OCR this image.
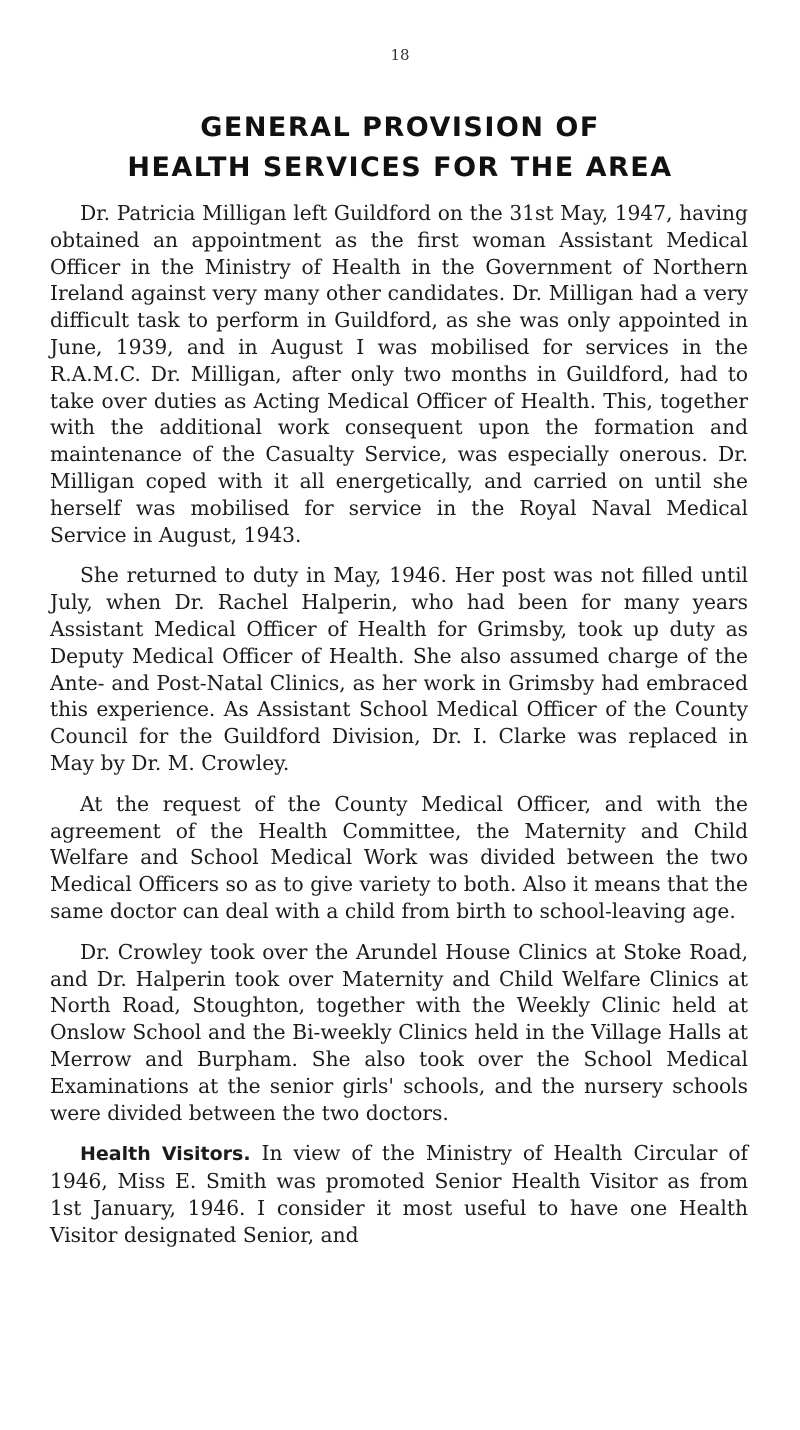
18
GENERAL PROVISION OF
HEALTH SERVICES FOR THE AREA

Dr. Patricia Milligan left Guildford on the 31st May, 1947, having obtained an appointment as the first woman Assistant Medical Officer in the Ministry of Health in the Government of Northern Ireland against very many other candidates. Dr. Milligan had a very difficult task to perform in Guildford, as she was only appointed in June, 1939, and in August I was mobilised for services in the R.A.M.C. Dr. Milligan, after only two months in Guildford, had to take over duties as Acting Medical Officer of Health. This, together with the additional work consequent upon the formation and maintenance of the Casualty Service, was especially onerous. Dr. Milligan coped with it all energetically, and carried on until she herself was mobilised for service in the Royal Naval Medical Service in August, 1943.

She returned to duty in May, 1946. Her post was not filled until July, when Dr. Rachel Halperin, who had been for many years Assistant Medical Officer of Health for Grimsby, took up duty as Deputy Medical Officer of Health. She also assumed charge of the Ante- and Post-Natal Clinics, as her work in Grimsby had embraced this experience. As Assistant School Medical Officer of the County Council for the Guildford Division, Dr. I. Clarke was replaced in May by Dr. M. Crowley.

At the request of the County Medical Officer, and with the agreement of the Health Committee, the Maternity and Child Welfare and School Medical Work was divided between the two Medical Officers so as to give variety to both. Also it means that the same doctor can deal with a child from birth to school-leaving age.

Dr. Crowley took over the Arundel House Clinics at Stoke Road, and Dr. Halperin took over Maternity and Child Welfare Clinics at North Road, Stoughton, together with the Weekly Clinic held at Onslow School and the Bi-weekly Clinics held in the Village Halls at Merrow and Burpham. She also took over the School Medical Examinations at the senior girls' schools, and the nursery schools were divided between the two doctors.

Health Visitors. In view of the Ministry of Health Circular of 1946, Miss E. Smith was promoted Senior Health Visitor as from 1st January, 1946. I consider it most useful to have one Health Visitor designated Senior, and
